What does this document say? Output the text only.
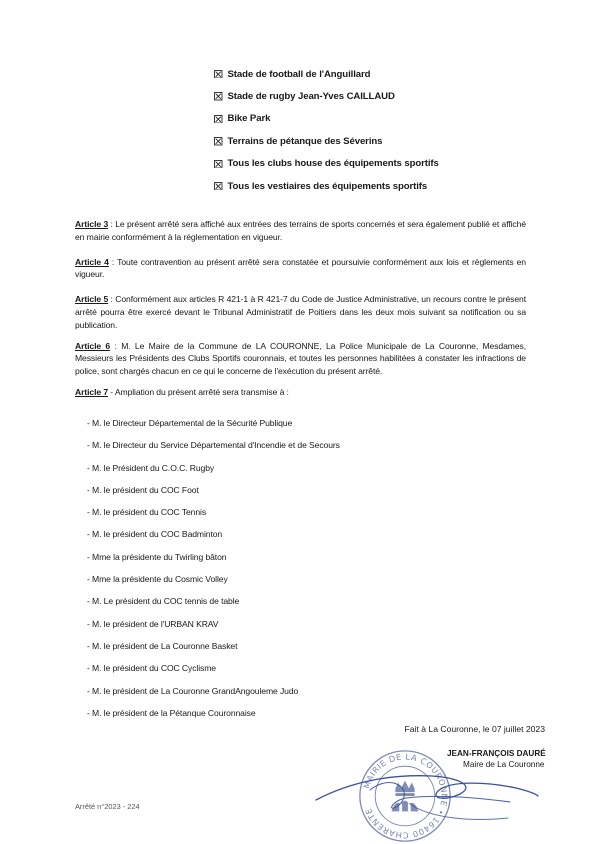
Stade de football de l'Anguillard
Stade de rugby Jean-Yves CAILLAUD
Bike Park
Terrains de pétanque des Séverins
Tous les clubs house des équipements sportifs
Tous les vestiaires des équipements sportifs

Article 3 : Le présent arrêté sera affiché aux entrées des terrains de sports concernés et sera également publié et affiché en mairie conformément à la réglementation en vigueur.

Article 4 : Toute contravention au présent arrêté sera constatée et poursuivie conformément aux lois et règlements en vigueur.

Article 5 : Conformément aux articles R 421-1 à R 421-7 du Code de Justice Administrative, un recours contre le présent arrêté pourra être exercé devant le Tribunal Administratif de Poitiers dans les deux mois suivant sa notification ou sa publication.

Article 6 : M. Le Maire de la Commune de LA COURONNE, La Police Municipale de La Couronne, Mesdames, Messieurs les Présidents des Clubs Sportifs couronnais, et toutes les personnes habilitées à constater les infractions de police, sont chargés chacun en ce qui le concerne de l'exécution du présent arrêté.

Article 7 - Ampliation du présent arrêté sera transmise à :

- M. le Directeur Départemental de la Sécurité Publique
- M. le Directeur du Service Départemental d'Incendie et de Secours
- M. le Président du C.O.C. Rugby
- M. le président du COC Foot
- M. le président du COC Tennis
- M. le président du COC Badminton
- Mme la présidente du Twirling bâton
- Mme la présidente du Cosmic Volley
- M. Le président du COC tennis de table
- M. le président de l'URBAN KRAV
- M. le président de La Couronne Basket
- M. le président du COC Cyclisme
- M. le président de La Couronne GrandAngouleme Judo
- M. le président de la Pétanque Couronnaise
Fait à La Couronne, le 07 juillet 2023
MAIRIE DE LA COURONNE • 16400 CHARENTE
JEAN-FRANÇOIS DAURÉ
Maire de La Couronne
Arrêté n°2023 - 224
